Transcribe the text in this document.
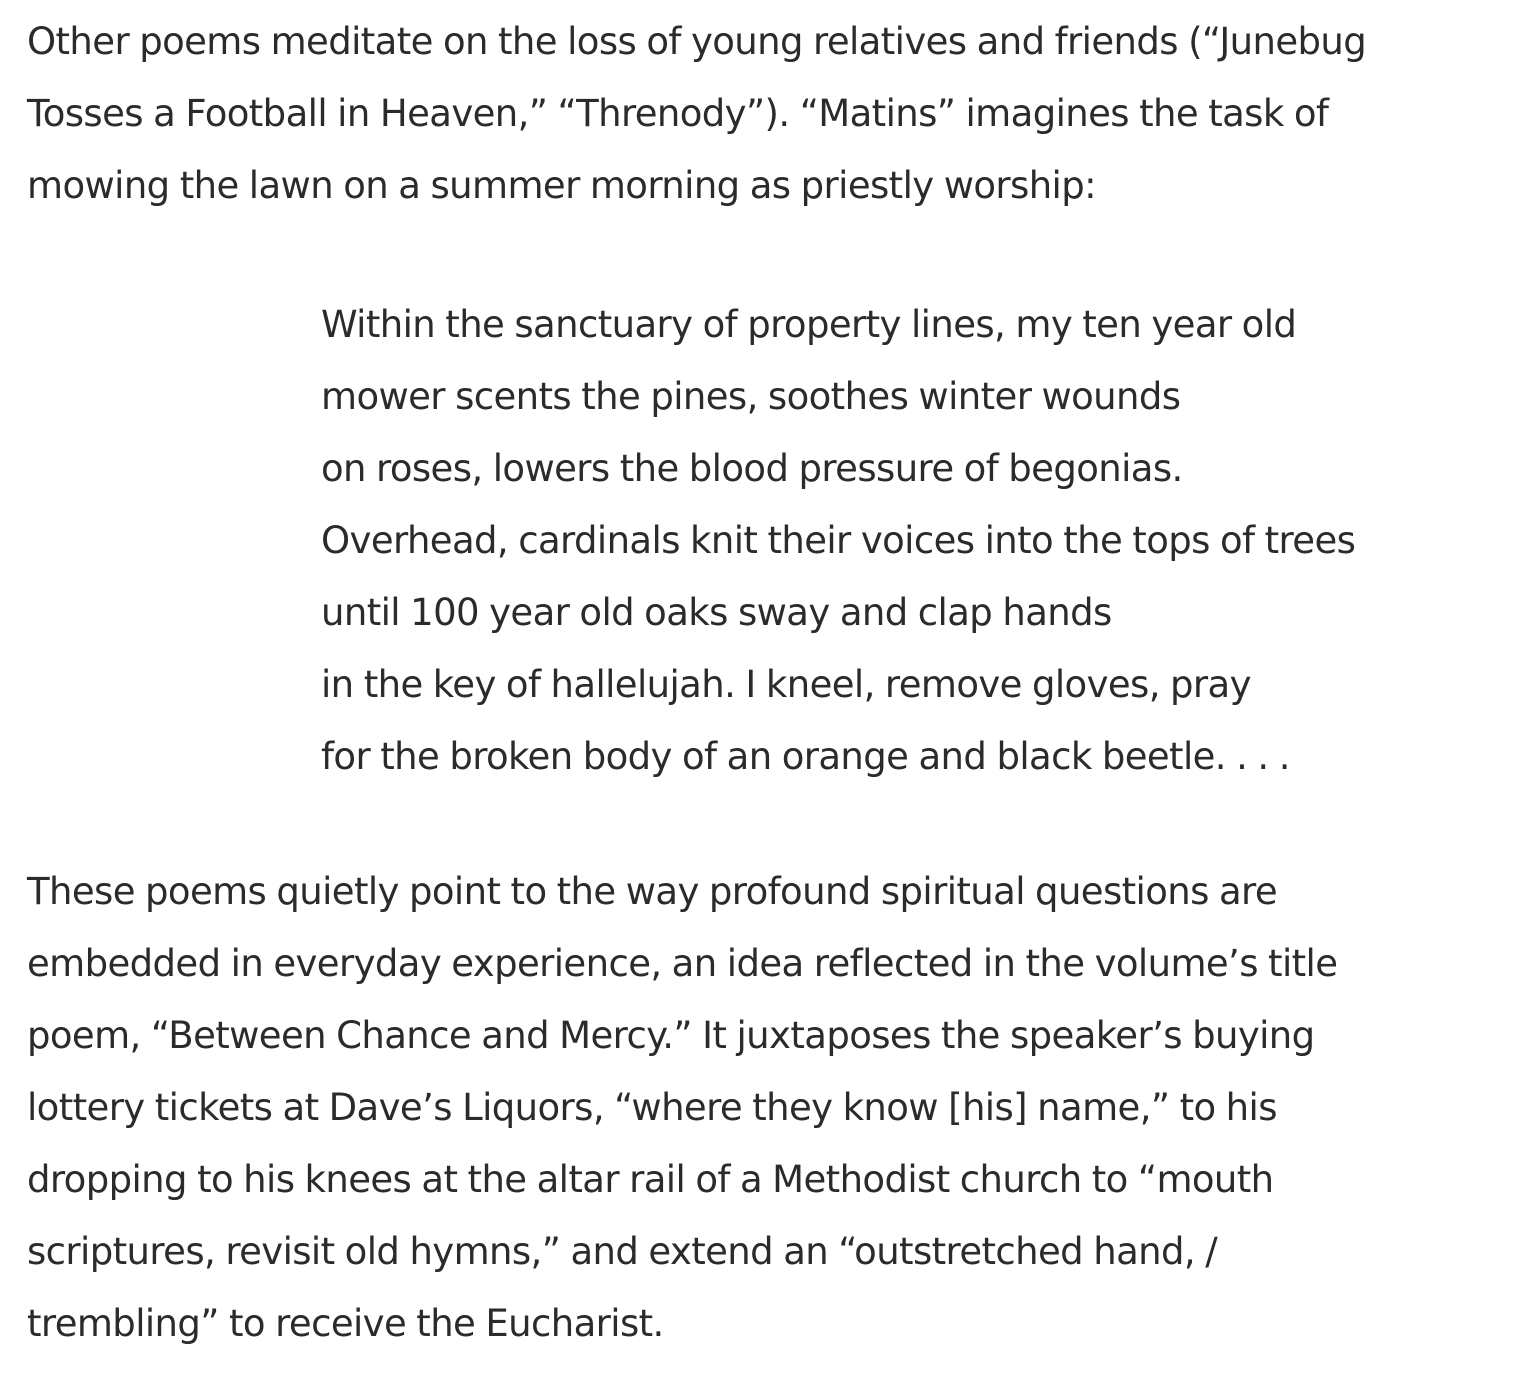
Other poems meditate on the loss of young relatives and friends (“Junebug
Tosses a Football in Heaven,” “Threnody”). “Matins” imagines the task of
mowing the lawn on a summer morning as priestly worship:

Within the sanctuary of property lines, my ten year old
mower scents the pines, soothes winter wounds
on roses, lowers the blood pressure of begonias.
Overhead, cardinals knit their voices into the tops of trees
until 100 year old oaks sway and clap hands
in the key of hallelujah. I kneel, remove gloves, pray
for the broken body of an orange and black beetle. . . .

These poems quietly point to the way profound spiritual questions are
embedded in everyday experience, an idea reflected in the volume’s title
poem, “Between Chance and Mercy.” It juxtaposes the speaker’s buying
lottery tickets at Dave’s Liquors, “where they know [his] name,” to his
dropping to his knees at the altar rail of a Methodist church to “mouth
scriptures, revisit old hymns,” and extend an “outstretched hand, /
trembling” to receive the Eucharist.
